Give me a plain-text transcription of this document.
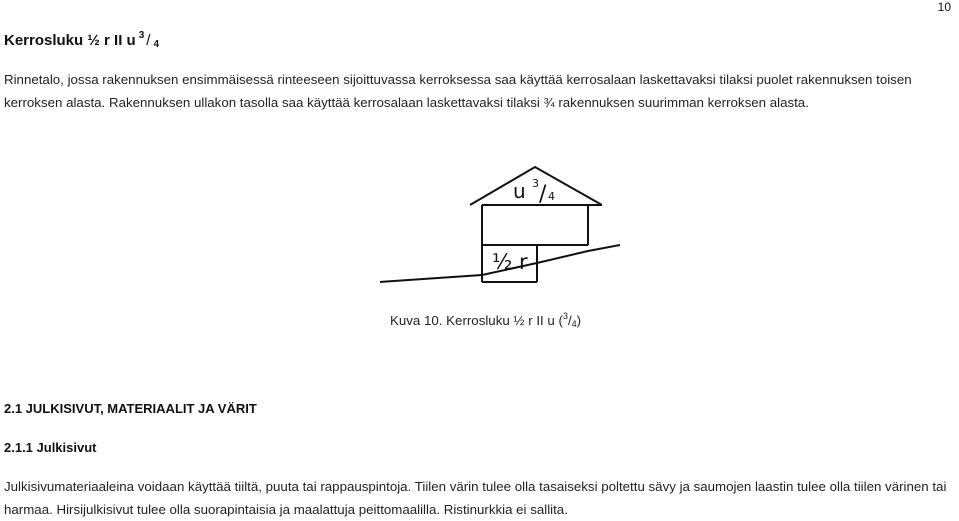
10
Kerrosluku ½ r II u $^3$ / $_4$

Rinnetalo, jossa rakennuksen ensimmäisessä rinteeseen sijoittuvassa kerroksessa saa käyttää kerrosalaan laskettavaksi tilaksi puolet rakennuksen toisen kerroksen alasta. Rakennuksen ullakon tasolla saa käyttää kerrosalaan laskettavaksi tilaksi ¾ rakennuksen suurimman kerroksen alasta.

u 3 / 4
½ r
Kuva 10. Kerrosluku ½ r II u $(^3/_4)$
2.1 JULKISIVUT, MATERIAALIT JA VÄRIT
2.1.1 Julkisivut

Julkisivumateriaaleina voidaan käyttää tiiltä, puuta tai rappauspintoja. Tiilen värin tulee olla tasaiseksi poltettu sävy ja saumojen laastin tulee olla tiilen värinen tai harmaa. Hirsijulkisivut tulee olla suorapintaisia ja maalattuja peittomaalilla. Ristinurkkia ei sallita.
